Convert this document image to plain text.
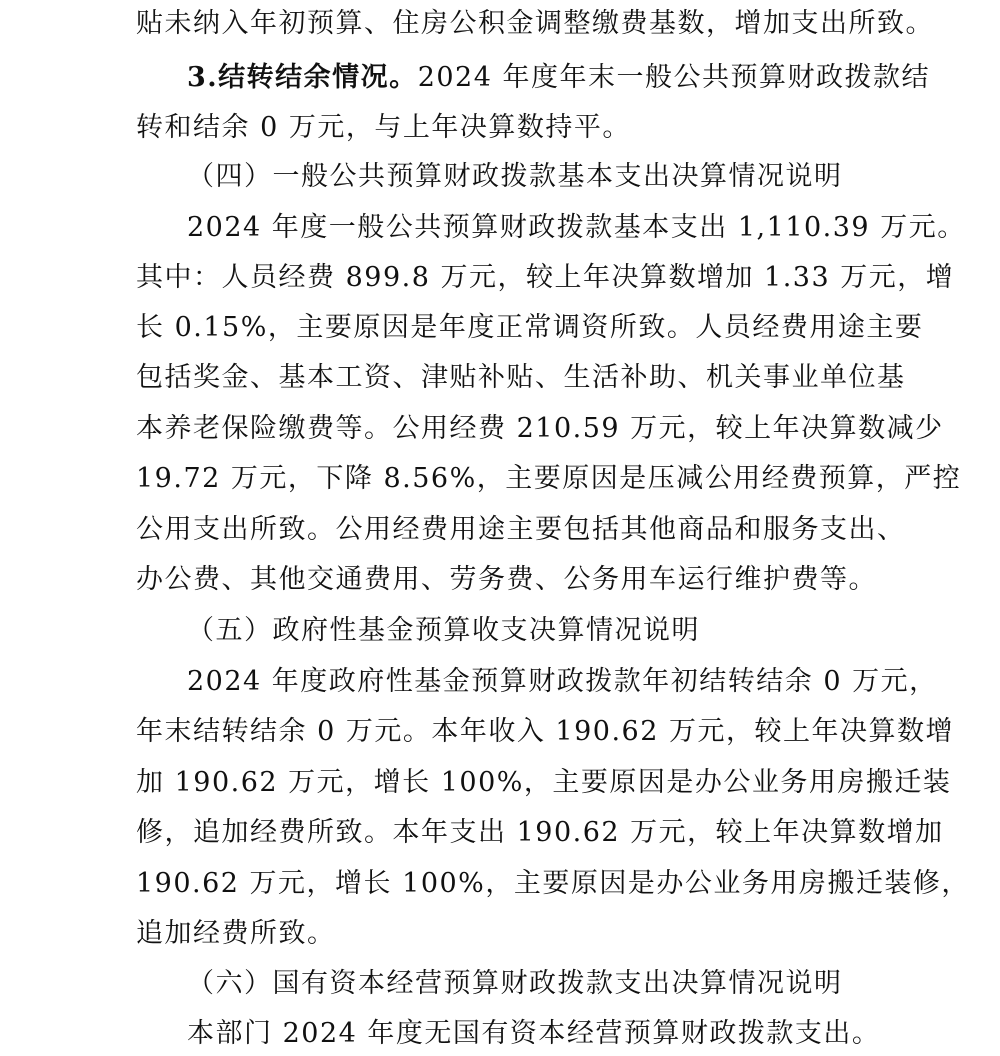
贴未纳入年初预算、住房公积金调整缴费基数，增加支出所致。
3.结转结余情况。2024 年度年末一般公共预算财政拨款结
转和结余 0 万元，与上年决算数持平。
（四）一般公共预算财政拨款基本支出决算情况说明
2024 年度一般公共预算财政拨款基本支出 1,110.39 万元。
其中：人员经费 899.8 万元，较上年决算数增加 1.33 万元，增
长 0.15%，主要原因是年度正常调资所致。人员经费用途主要
包括奖金、基本工资、津贴补贴、生活补助、机关事业单位基
本养老保险缴费等。公用经费 210.59 万元，较上年决算数减少
19.72 万元，下降 8.56%，主要原因是压减公用经费预算，严控
公用支出所致。公用经费用途主要包括其他商品和服务支出、
办公费、其他交通费用、劳务费、公务用车运行维护费等。
（五）政府性基金预算收支决算情况说明
2024 年度政府性基金预算财政拨款年初结转结余 0 万元，
年末结转结余 0 万元。本年收入 190.62 万元，较上年决算数增
加 190.62 万元，增长 100%，主要原因是办公业务用房搬迁装
修，追加经费所致。本年支出 190.62 万元，较上年决算数增加
190.62 万元，增长 100%，主要原因是办公业务用房搬迁装修，
追加经费所致。
（六）国有资本经营预算财政拨款支出决算情况说明
本部门 2024 年度无国有资本经营预算财政拨款支出。
